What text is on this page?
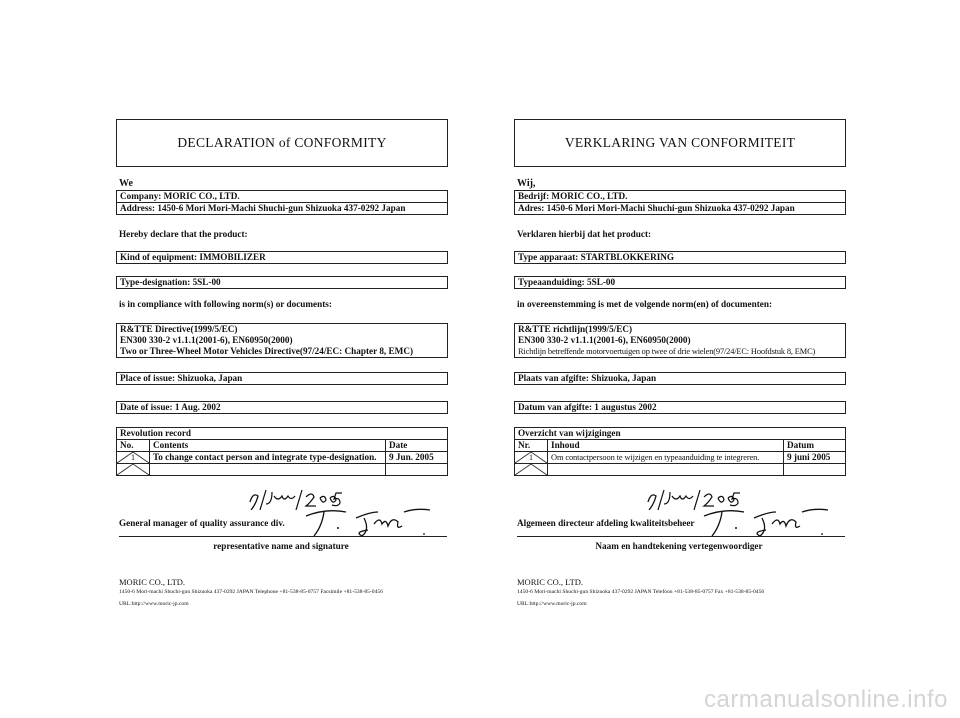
DECLARATION of CONFORMITY
We
Company: MORIC CO., LTD.
Address: 1450-6 Mori Mori-Machi Shuchi-gun Shizuoka 437-0292 Japan
Hereby declare that the product:
Kind of equipment: IMMOBILIZER
Type-designation: 5SL-00
is in compliance with following norm(s) or documents:
R&TTE Directive(1999/5/EC)
EN300 330-2 v1.1.1(2001-6), EN60950(2000)
Two or Three-Wheel Motor Vehicles Directive(97/24/EC: Chapter 8, EMC)
Place of issue: Shizuoka, Japan
Date of issue: 1 Aug. 2002
Revolution record
No.	Contents	Date

1	To change contact person and integrate type-designation.	9 Jun. 2005

General manager of quality assurance div.
representative name and signature
MORIC CO., LTD.
1450-6 Mori-machi Shuchi-gun Shizuoka 437-0292 JAPAN Telephone +81-538-85-0757 Facsimile +81-538-85-0456
URL:http://www.moric-jp.com
VERKLARING VAN CONFORMITEIT
Wij,
Bedrijf: MORIC CO., LTD.
Adres: 1450-6 Mori Mori-Machi Shuchi-gun Shizuoka 437-0292 Japan
Verklaren hierbij dat het product:
Type apparaat: STARTBLOKKERING
Typeaanduiding: 5SL-00
in overeenstemming is met de volgende norm(en) of documenten:
R&TTE richtlijn(1999/5/EC)
EN300 330-2 v1.1.1(2001-6), EN60950(2000)
Richtlijn betreffende motorvoertuigen op twee of drie wielen(97/24/EC: Hoofdstuk 8, EMC)
Plaats van afgifte: Shizuoka, Japan
Datum van afgifte: 1 augustus 2002
Overzicht van wijzigingen
Nr.	Inhoud	Datum

1	Om contactpersoon te wijzigen en typeaanduiding te integreren.	9 juni 2005

Algemeen directeur afdeling kwaliteitsbeheer
Naam en handtekening vertegenwoordiger
MORIC CO., LTD.
1450-6 Mori-machi Shuchi-gun Shizuoka 437-0292 JAPAN Telefoon +81-538-85-0757 Fax +81-538-85-0456
URL:http://www.moric-jp.com
carmanualsonline.info
